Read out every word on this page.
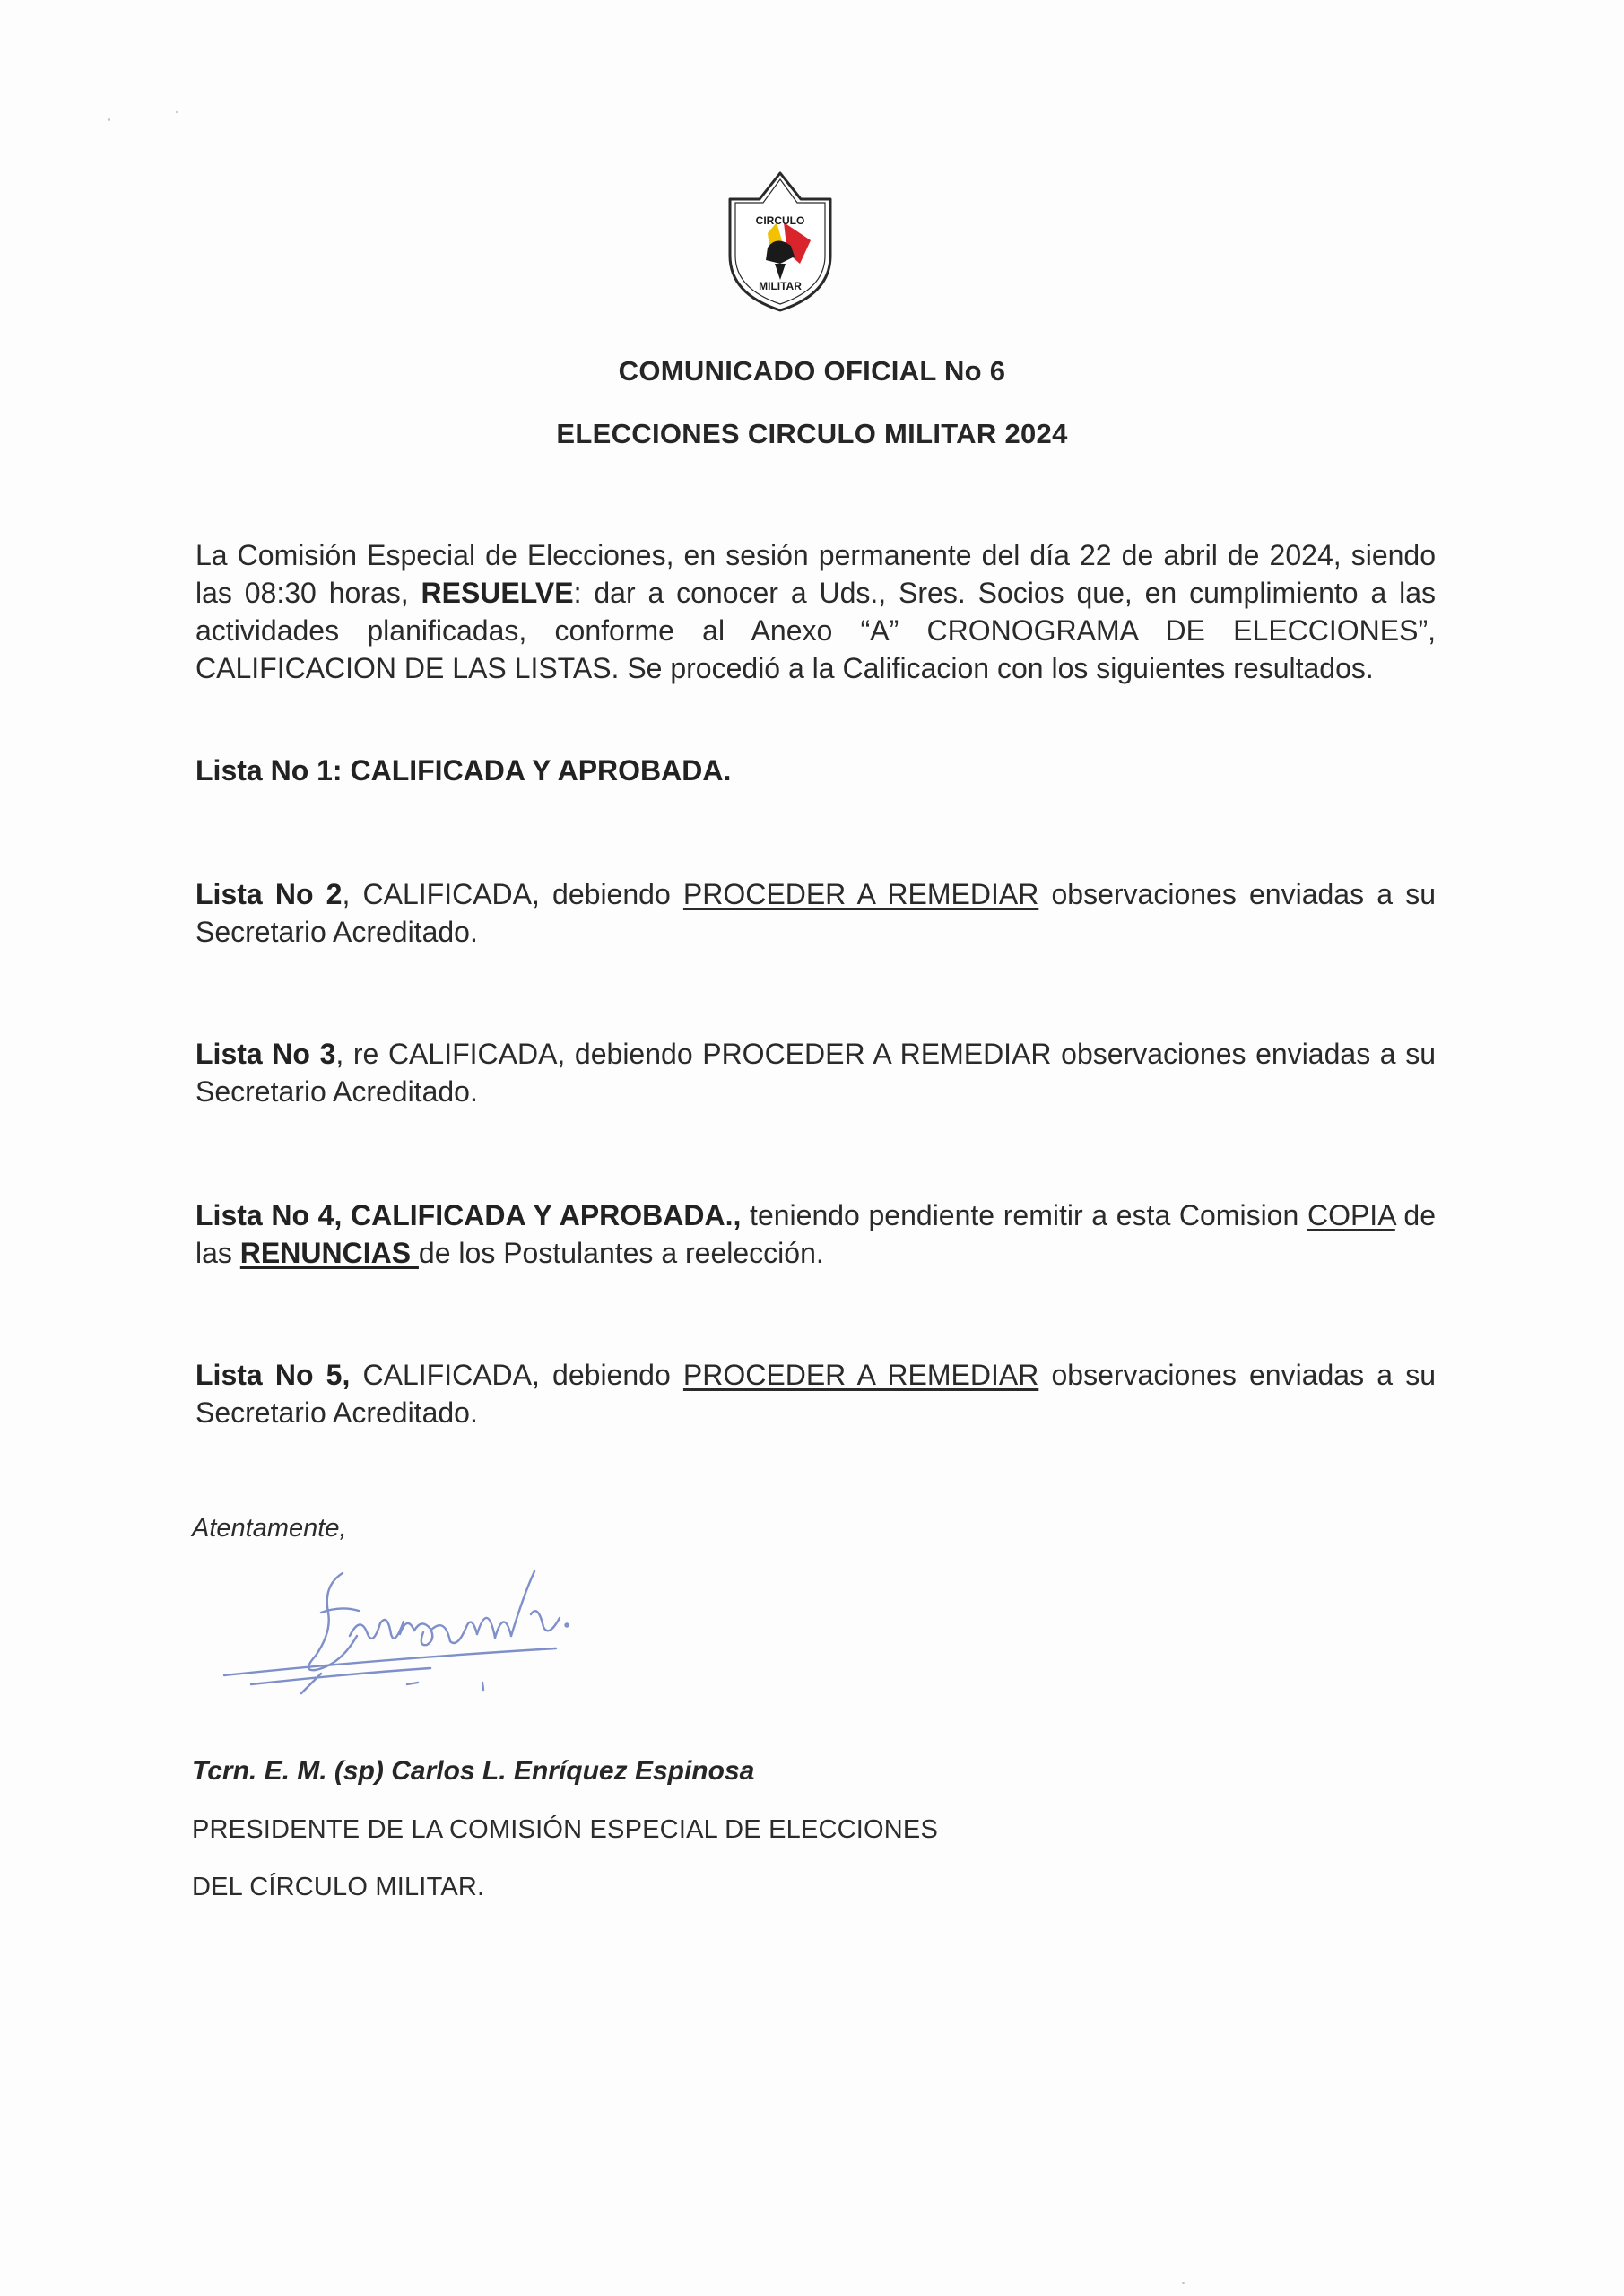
CIRCULO
MILITAR
COMUNICADO OFICIAL No 6
ELECCIONES CIRCULO MILITAR 2024
La Comisión Especial de Elecciones, en sesión permanente del día 22 de abril de 2024, siendo las 08:30 horas, RESUELVE: dar a conocer a Uds., Sres. Socios que, en cumplimiento a las actividades planificadas, conforme al Anexo “A” CRONOGRAMA DE ELECCIONES”, CALIFICACION DE LAS LISTAS. Se procedió a la Calificacion con los siguientes resultados.
Lista No 1: CALIFICADA Y APROBADA.
Lista No 2, CALIFICADA, debiendo PROCEDER A REMEDIAR observaciones enviadas a su Secretario Acreditado.
Lista No 3, re CALIFICADA, debiendo PROCEDER A REMEDIAR observaciones enviadas a su Secretario Acreditado.
Lista No 4, CALIFICADA Y APROBADA., teniendo pendiente remitir a esta Comision COPIA de las RENUNCIAS de los Postulantes a reelección.
Lista No 5, CALIFICADA, debiendo PROCEDER A REMEDIAR observaciones enviadas a su Secretario Acreditado.
Atentamente,
Tcrn. E. M. (sp) Carlos L. Enríquez Espinosa
PRESIDENTE DE LA COMISIÓN ESPECIAL DE ELECCIONES
DEL CÍRCULO MILITAR.
